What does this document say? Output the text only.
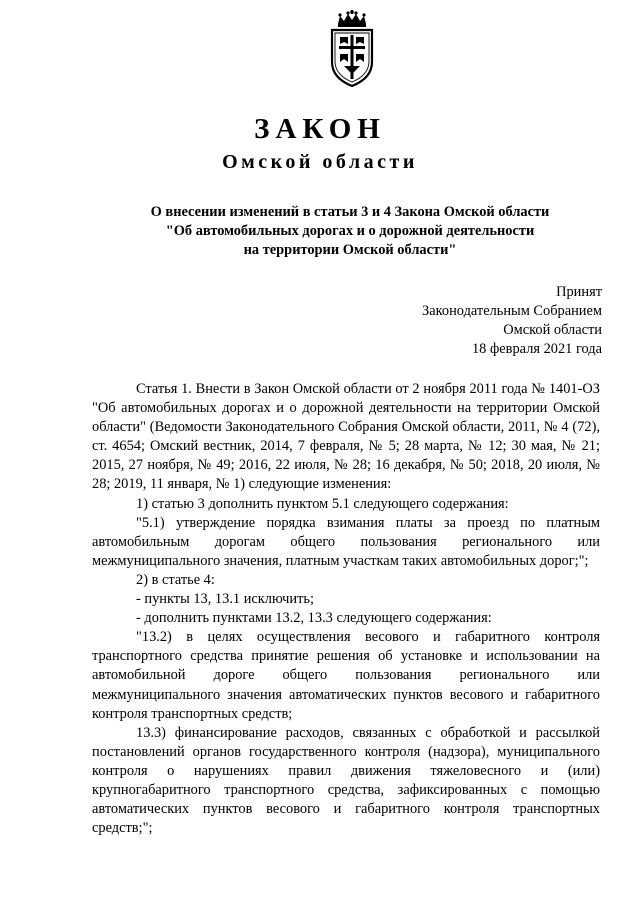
ЗАКОН
Омской области
О внесении изменений в статьи 3 и 4 Закона Омской области
"Об автомобильных дорогах и о дорожной деятельности
на территории Омской области"
Принят
Законодательным Собранием
Омской области
18 февраля 2021 года

Статья 1. Внести в Закон Омской области от 2 ноября 2011 года № 1401-ОЗ "Об автомобильных дорогах и о дорожной деятельности на территории Омской области" (Ведомости Законодательного Собрания Омской области, 2011, № 4 (72), ст. 4654; Омский вестник, 2014, 7 февраля, № 5; 28 марта, № 12; 30 мая, № 21; 2015, 27 ноября, № 49; 2016, 22 июля, № 28; 16 декабря, № 50; 2018, 20 июля, № 28; 2019, 11 января, № 1) следующие изменения:

1) статью 3 дополнить пунктом 5.1 следующего содержания:

"5.1) утверждение порядка взимания платы за проезд по платным автомобильным дорогам общего пользования регионального или межмуниципального значения, платным участкам таких автомобильных дорог;";

2) в статье 4:

- пункты 13, 13.1 исключить;

- дополнить пунктами 13.2, 13.3 следующего содержания:

"13.2) в целях осуществления весового и габаритного контроля транспортного средства принятие решения об установке и использовании на автомобильной дороге общего пользования регионального или межмуниципального значения автоматических пунктов весового и габаритного контроля транспортных средств;

13.3) финансирование расходов, связанных с обработкой и рассылкой постановлений органов государственного контроля (надзора), муниципального контроля о нарушениях правил движения тяжеловесного и (или) крупногабаритного транспортного средства, зафиксированных с помощью автоматических пунктов весового и габаритного контроля транспортных средств;";
